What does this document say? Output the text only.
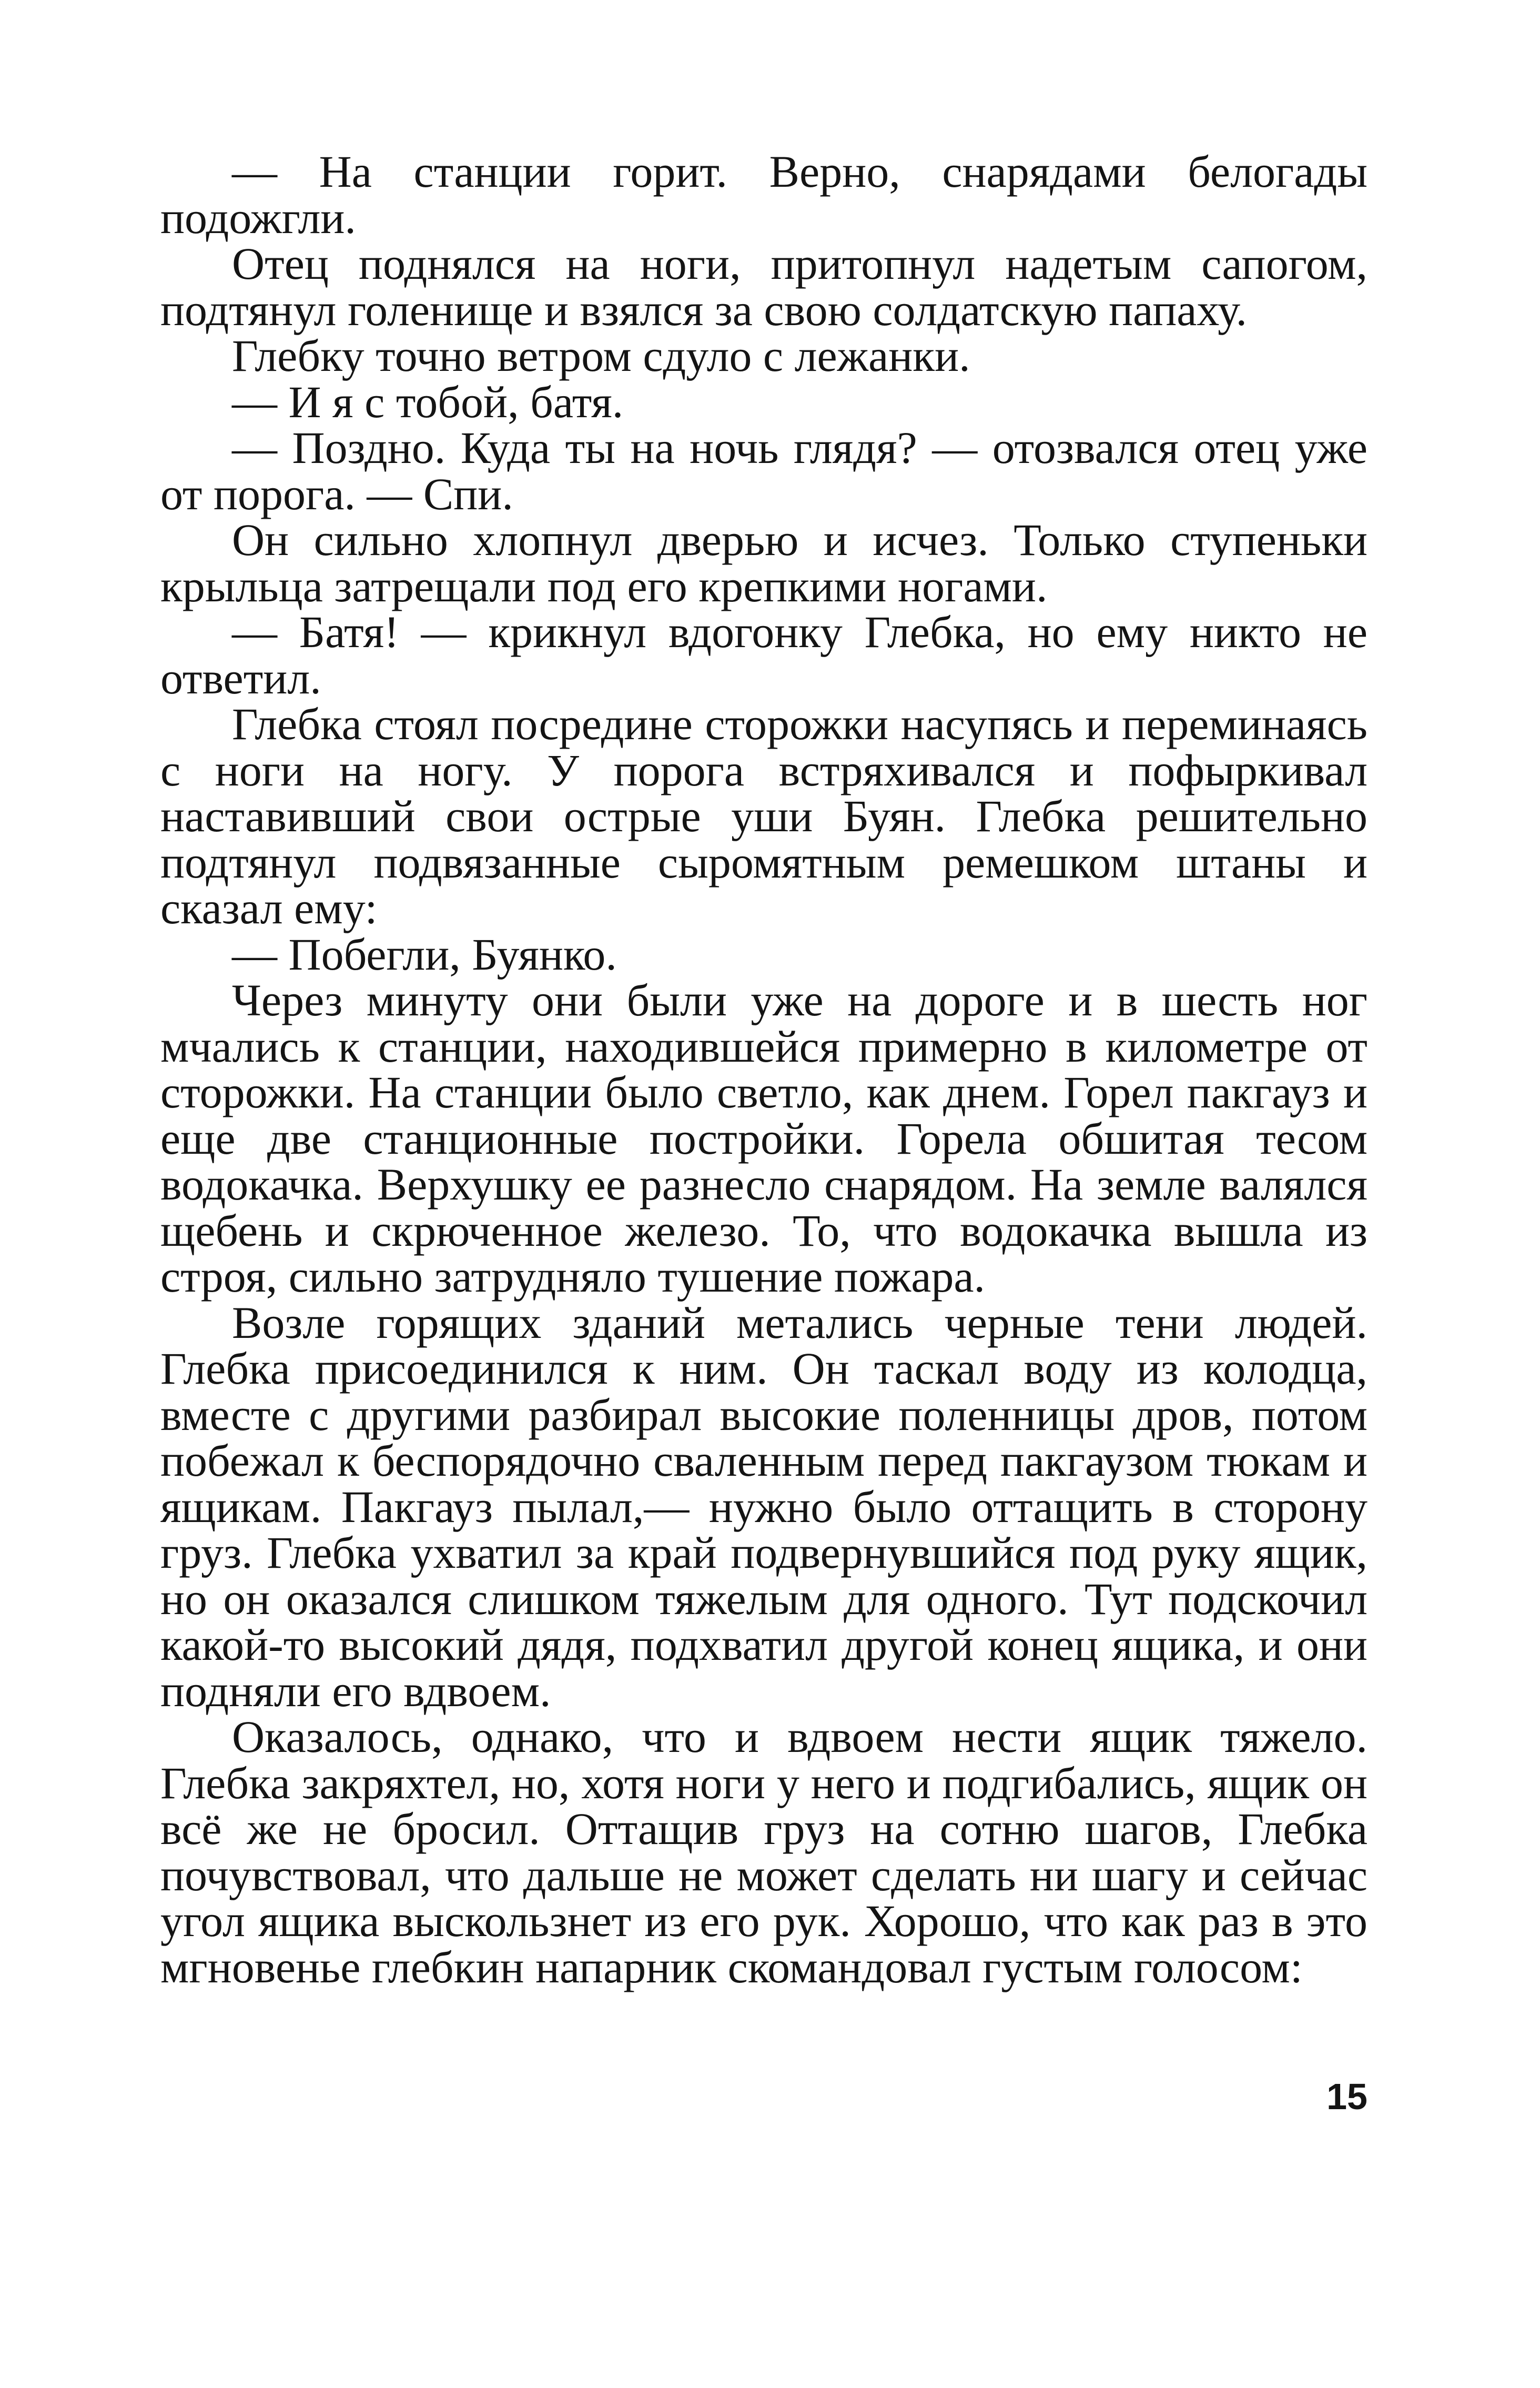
— На станции горит. Верно, снарядами белогады подожгли.

Отец поднялся на ноги, притопнул надетым сапогом, подтянул голенище и взялся за свою солдатскую папаху.

Глебку точно ветром сдуло с лежанки.

— И я с тобой, батя.

— Поздно. Куда ты на ночь глядя? — отозвался отец уже от порога. — Спи.

Он сильно хлопнул дверью и исчез. Только ступеньки крыльца затрещали под его крепкими ногами.

— Батя! — крикнул вдогонку Глебка, но ему никто не ответил.

Глебка стоял посредине сторожки насупясь и переминаясь с ноги на ногу. У порога встряхивался и пофыркивал наставивший свои острые уши Буян. Глебка решительно подтянул подвязанные сыромятным ремешком штаны и сказал ему:

— Побегли, Буянко.

Через минуту они были уже на дороге и в шесть ног мчались к станции, находившейся примерно в километре от сторожки. На станции было светло, как днем. Горел пакгауз и еще две станционные постройки. Горела обшитая тесом водокачка. Верхушку ее разнесло снарядом. На земле валялся щебень и скрюченное железо. То, что водокачка вышла из строя, сильно затрудняло тушение пожара.

Возле горящих зданий метались черные тени людей. Глебка присоединился к ним. Он таскал воду из колодца, вместе с другими разбирал высокие поленницы дров, потом побежал к беспорядочно сваленным перед пакгаузом тюкам и ящикам. Пакгауз пылал,— нужно было оттащить в сторону груз. Глебка ухватил за край подвернувшийся под руку ящик, но он оказался слишком тяжелым для одного. Тут подскочил какой-то высокий дядя, подхватил другой конец ящика, и они подняли его вдвоем.

Оказалось, однако, что и вдвоем нести ящик тяжело. Глебка закряхтел, но, хотя ноги у него и подгибались, ящик он всё же не бросил. Оттащив груз на сотню шагов, Глебка почувствовал, что дальше не может сделать ни шагу и сейчас угол ящика выскользнет из его рук. Хорошо, что как раз в это мгновенье глебкин напарник скомандовал густым голосом:

15
